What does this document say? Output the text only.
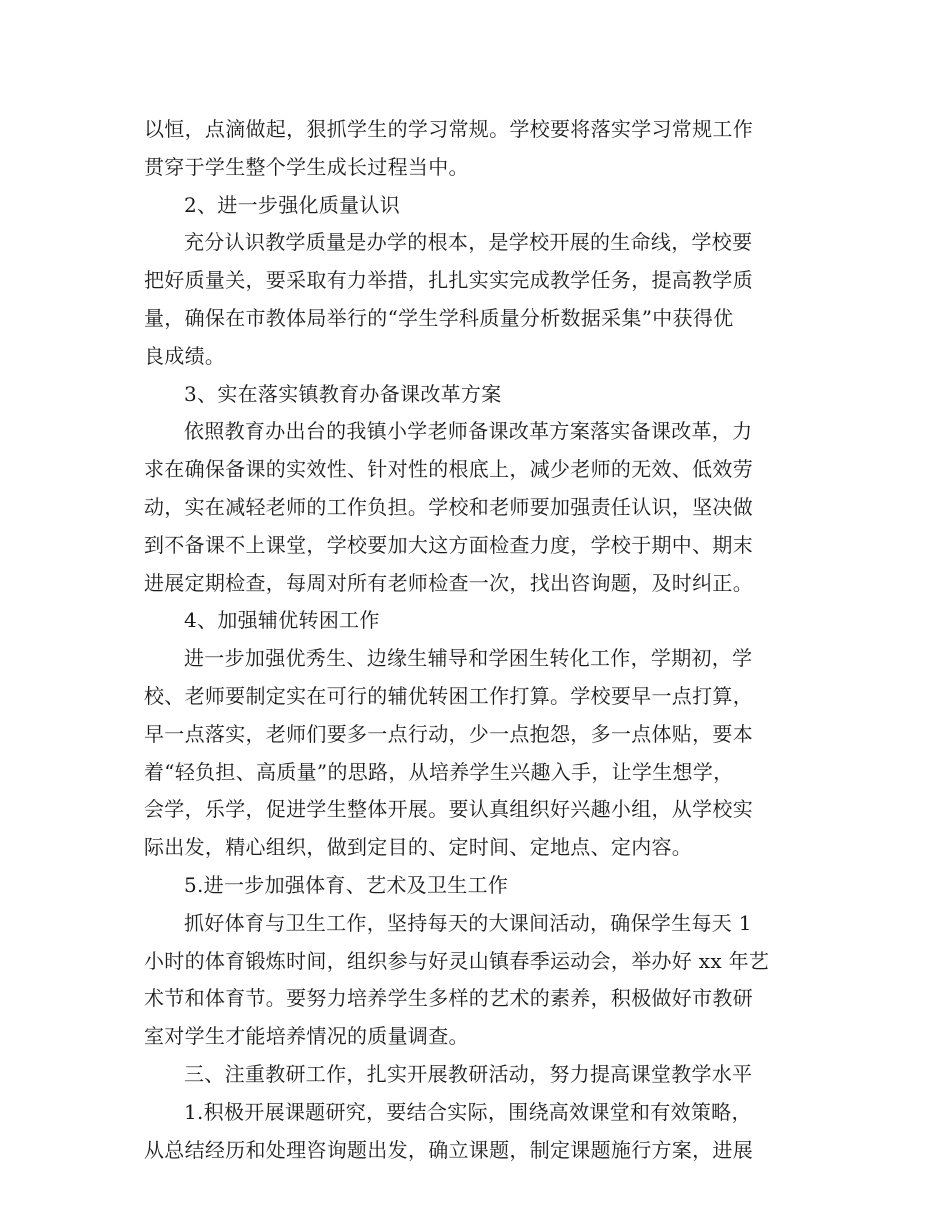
以恒，点滴做起，狠抓学生的学习常规。学校要将落实学习常规工作
贯穿于学生整个学生成长过程当中。
2、进一步强化质量认识
充分认识教学质量是办学的根本，是学校开展的生命线，学校要
把好质量关，要采取有力举措，扎扎实实完成教学任务，提高教学质
量，确保在市教体局举行的“学生学科质量分析数据采集”中获得优
良成绩。
3、实在落实镇教育办备课改革方案
依照教育办出台的我镇小学老师备课改革方案落实备课改革，力
求在确保备课的实效性、针对性的根底上，减少老师的无效、低效劳
动，实在减轻老师的工作负担。学校和老师要加强责任认识，坚决做
到不备课不上课堂，学校要加大这方面检查力度，学校于期中、期末
进展定期检查，每周对所有老师检查一次，找出咨询题，及时纠正。
4、加强辅优转困工作
进一步加强优秀生、边缘生辅导和学困生转化工作，学期初，学
校、老师要制定实在可行的辅优转困工作打算。学校要早一点打算，
早一点落实，老师们要多一点行动，少一点抱怨，多一点体贴，要本
着“轻负担、高质量”的思路，从培养学生兴趣入手，让学生想学，
会学，乐学，促进学生整体开展。要认真组织好兴趣小组，从学校实
际出发，精心组织，做到定目的、定时间、定地点、定内容。
5.进一步加强体育、艺术及卫生工作
抓好体育与卫生工作，坚持每天的大课间活动，确保学生每天 1
小时的体育锻炼时间，组织参与好灵山镇春季运动会，举办好 xx 年艺
术节和体育节。要努力培养学生多样的艺术的素养，积极做好市教研
室对学生才能培养情况的质量调查。
三、注重教研工作，扎实开展教研活动，努力提高课堂教学水平
1.积极开展课题研究，要结合实际，围绕高效课堂和有效策略，
从总结经历和处理咨询题出发，确立课题，制定课题施行方案，进展
